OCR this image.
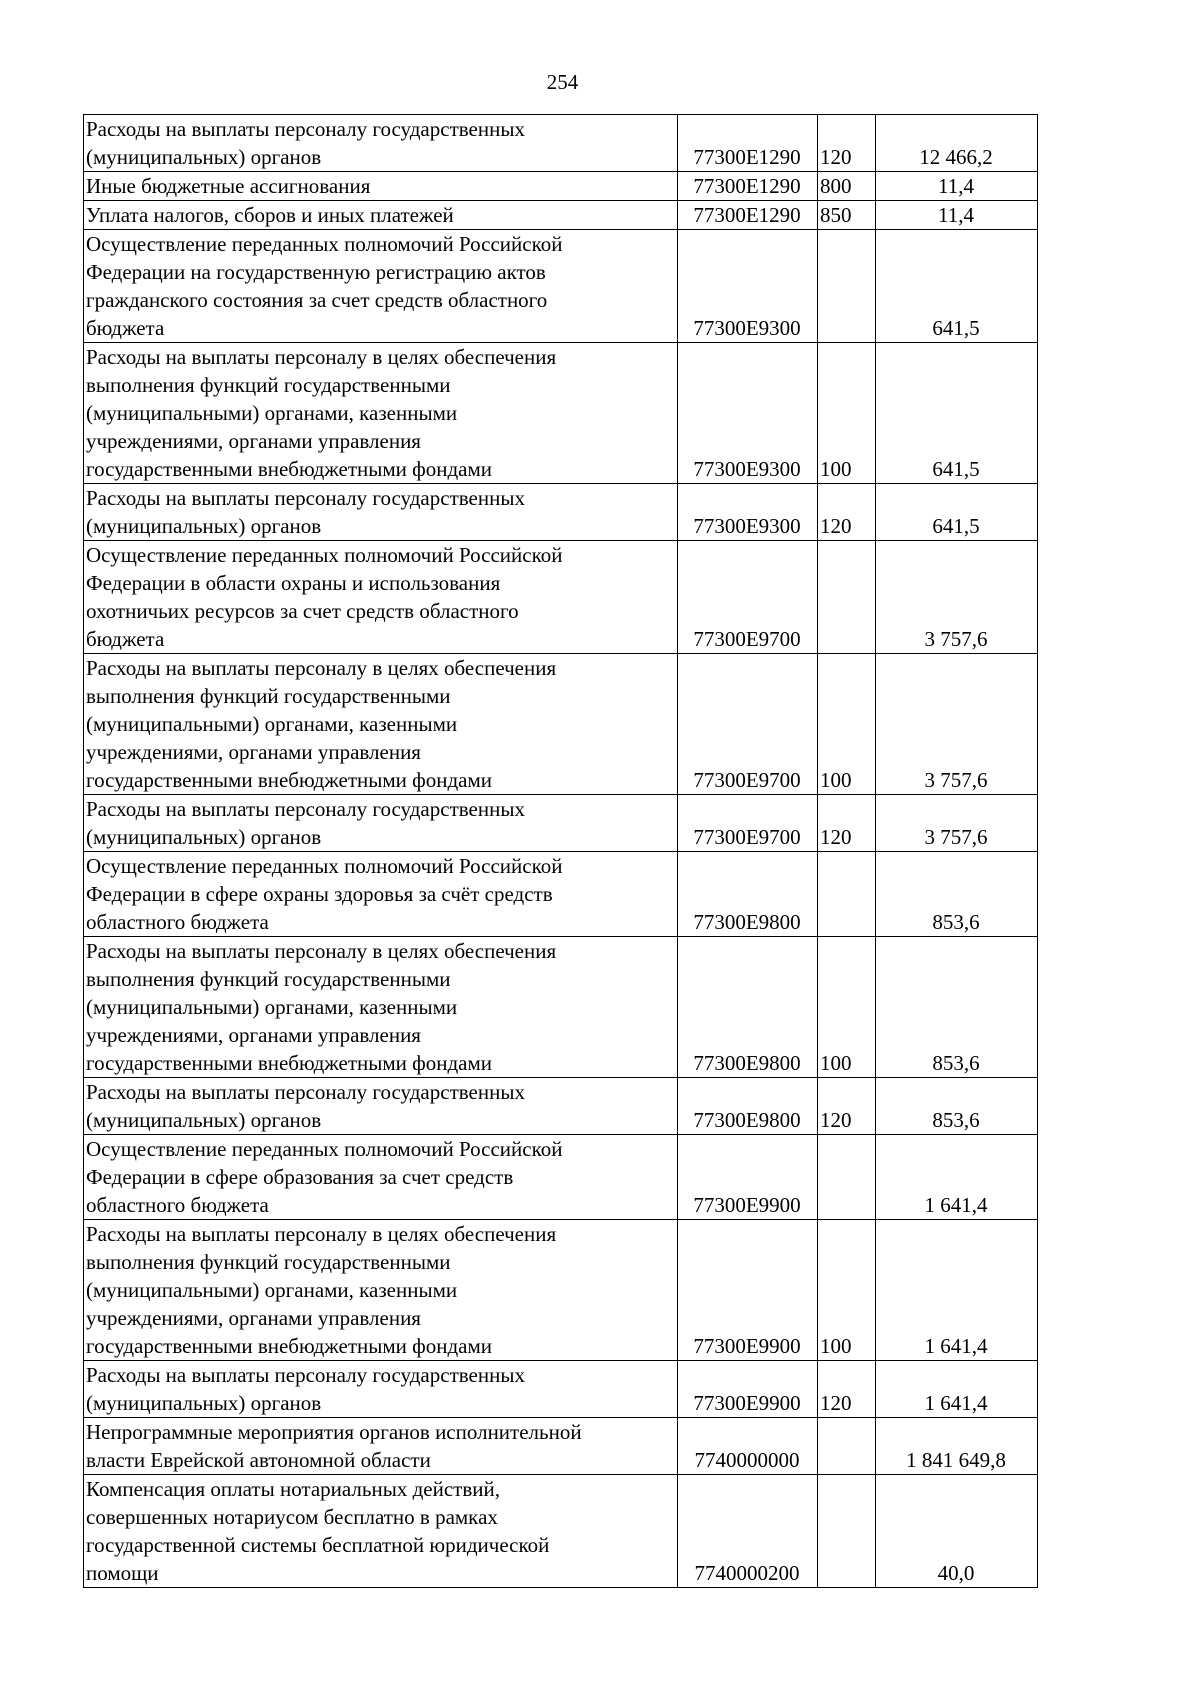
254
Расходы на выплаты персоналу государственных
(муниципальных) органов	77300E1290	120	12 466,2

Иные бюджетные ассигнования	77300E1290	800	11,4

Уплата налогов, сборов и иных платежей	77300E1290	850	11,4

Осуществление переданных полномочий Российской
Федерации на государственную регистрацию актов
гражданского состояния за счет средств областного
бюджета	77300E9300		641,5

Расходы на выплаты персоналу в целях обеспечения
выполнения функций государственными
(муниципальными) органами, казенными
учреждениями, органами управления
государственными внебюджетными фондами	77300E9300	100	641,5

Расходы на выплаты персоналу государственных
(муниципальных) органов	77300E9300	120	641,5

Осуществление переданных полномочий Российской
Федерации в области охраны и использования
охотничьих ресурсов за счет средств областного
бюджета	77300E9700		3 757,6

Расходы на выплаты персоналу в целях обеспечения
выполнения функций государственными
(муниципальными) органами, казенными
учреждениями, органами управления
государственными внебюджетными фондами	77300E9700	100	3 757,6

Расходы на выплаты персоналу государственных
(муниципальных) органов	77300E9700	120	3 757,6

Осуществление переданных полномочий Российской
Федерации в сфере охраны здоровья за счёт средств
областного бюджета	77300E9800		853,6

Расходы на выплаты персоналу в целях обеспечения
выполнения функций государственными
(муниципальными) органами, казенными
учреждениями, органами управления
государственными внебюджетными фондами	77300E9800	100	853,6

Расходы на выплаты персоналу государственных
(муниципальных) органов	77300E9800	120	853,6

Осуществление переданных полномочий Российской
Федерации в сфере образования за счет средств
областного бюджета	77300E9900		1 641,4

Расходы на выплаты персоналу в целях обеспечения
выполнения функций государственными
(муниципальными) органами, казенными
учреждениями, органами управления
государственными внебюджетными фондами	77300E9900	100	1 641,4

Расходы на выплаты персоналу государственных
(муниципальных) органов	77300E9900	120	1 641,4

Непрограммные мероприятия органов исполнительной
власти Еврейской автономной области	7740000000		1 841 649,8

Компенсация оплаты нотариальных действий,
совершенных нотариусом бесплатно в рамках
государственной системы бесплатной юридической
помощи	7740000200		40,0
